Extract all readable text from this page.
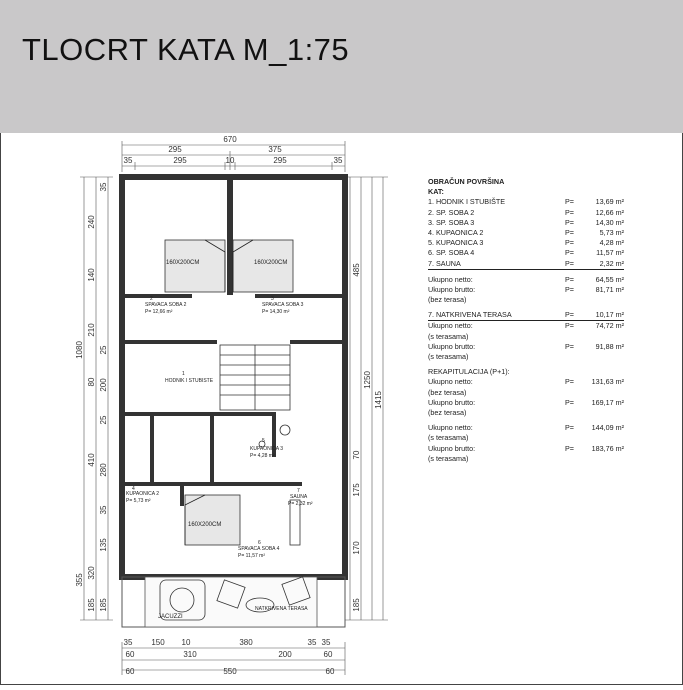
TLOCRT KATA M_1:75
670
295	375
35	295	10	295	35
35 150 10	380	35 35
60	310	200	60
60	550	60
35
240
140
210
25
80 200
25
410
280
35
135
185
320
185
1080
355
485
25
200
140
70
175
170
185
1250
1415
160X200CM	160X200CM
160X200CM
SPAVACA SOBA 2
P= 12,66 m²
SPAVACA SOBA 3
P= 14,30 m²
HODNIK I STUBISTE
KUPAONICA 3
P= 4,28 m²
KUPAONICA 2
P= 5,73 m²
SAUNA
P= 2,32 m²
SPAVACA SOBA 4
P= 11,57 m²
NATKRIVENA TERASA
JACUZZI
2	3
1
5
4	7
6
OBRAČUN POVRŠINA
KAT:
1. HODNIK I STUBIŠTE	P=	13,69 m²
2. SP. SOBA 2	P=	12,66 m²
3. SP. SOBA 3	P=	14,30 m²
4. KUPAONICA 2	P=	5,73 m²
5. KUPAONICA 3	P=	4,28 m²
6. SP. SOBA 4	P=	11,57 m²
7. SAUNA	P=	2,32 m²
Ukupno netto:	P=	64,55 m²
Ukupno brutto:	P=	81,71 m²
(bez terasa)
7. NATKRIVENA TERASA	P=	10,17 m²
Ukupno netto:	P=	74,72 m²
(s terasama)
Ukupno brutto:	P=	91,88 m²
(s terasama)
REKAPITULACIJA (P+1):
Ukupno netto:	P= 131,63 m²
(bez terasa)
Ukupno brutto:	P= 169,17 m²
(bez terasa)
Ukupno netto:	P= 144,09 m²
(s terasama)
Ukupno brutto:	P= 183,76 m²
(s terasama)
